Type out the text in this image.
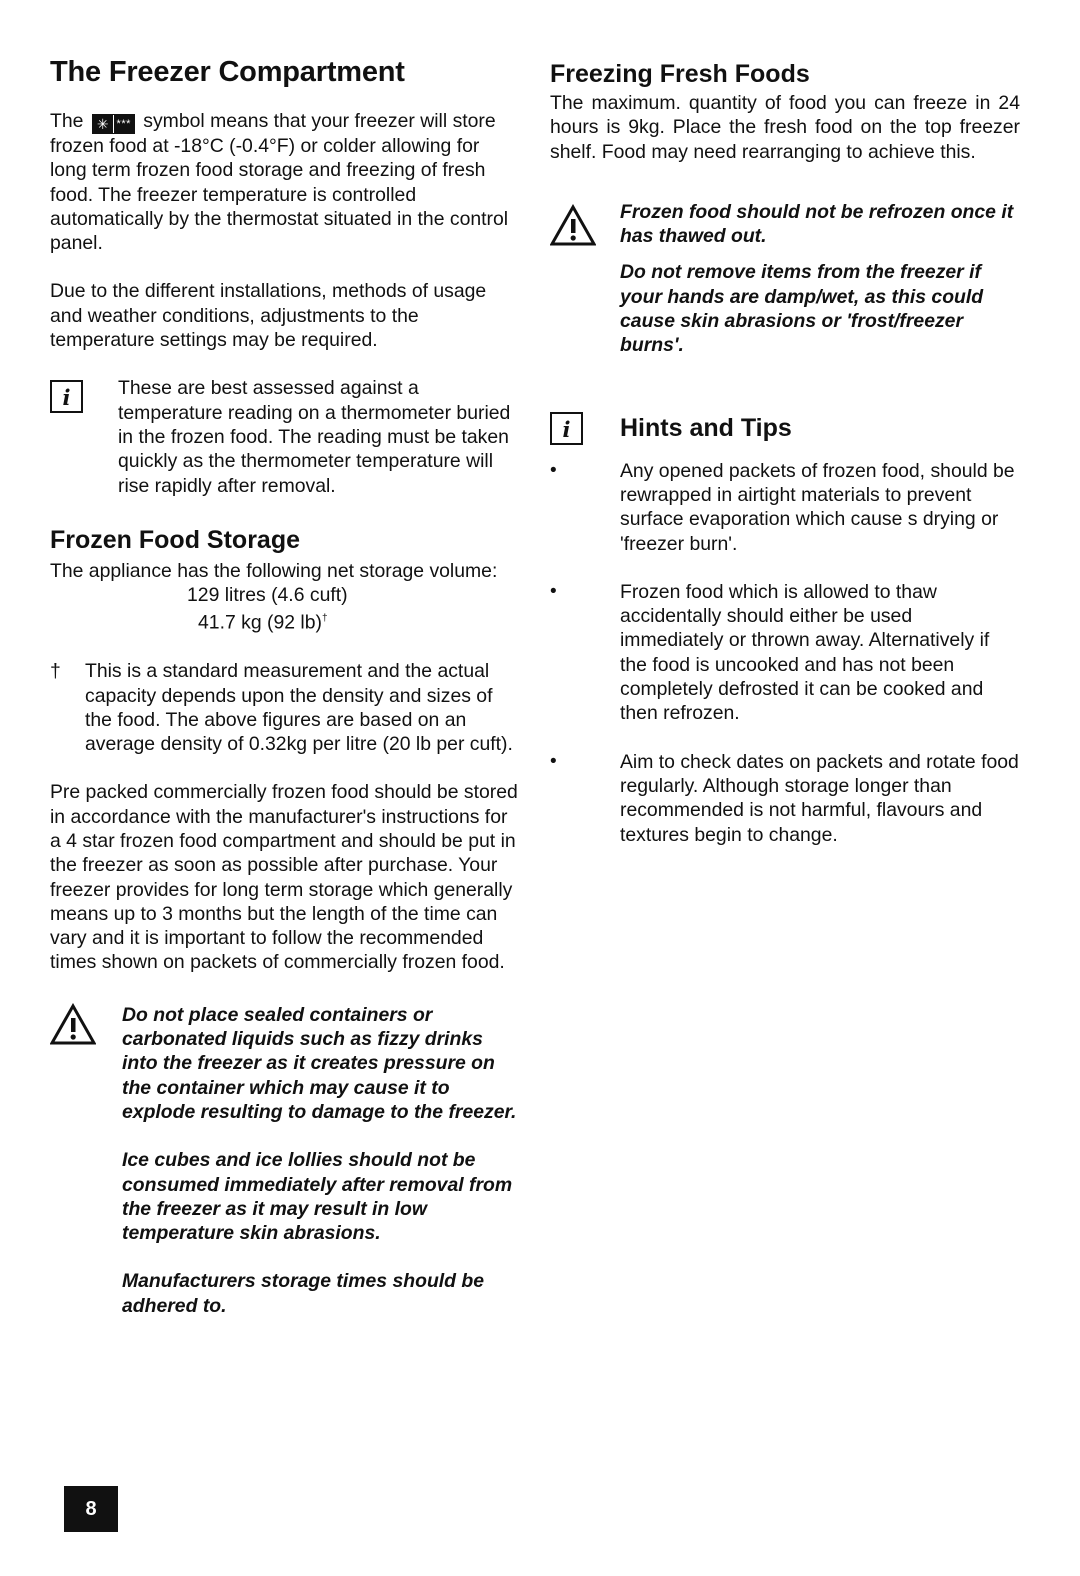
The Freezer Compartment

The ✳ *** symbol means that your freezer will store frozen food at -18°C (-0.4°F) or colder allowing for long term frozen food storage and freezing of fresh food. The freezer temperature is controlled automatically by the thermostat situated in the control panel.

Due to the different installations, methods of usage and weather conditions, adjustments to the temperature settings may be required.

i These are best assessed against a temperature reading on a thermometer buried in the frozen food. The reading must be taken quickly as the thermometer temperature will rise rapidly after removal.

Frozen Food Storage

The appliance has the following net storage volume:

129 litres (4.6 cuft)

41.7 kg (92 lb)†

†	This is a standard measurement and the actual capacity depends upon the density and sizes of the food. The above figures are based on an average density of 0.32kg per litre (20 lb per cuft).

Pre packed commercially frozen food should be stored in accordance with the manufacturer's instructions for a 4 star frozen food compartment and should be put in the freezer as soon as possible after purchase. Your freezer provides for long term storage which generally means up to 3 months but the length of the time can vary and it is important to follow the recommended times shown on packets of commercially frozen food.

Do not place sealed containers or carbonated liquids such as fizzy drinks into the freezer as it creates pressure on the container which may cause it to explode resulting to damage to the freezer.

Ice cubes and ice lollies should not be consumed immediately after removal from the freezer as it may result in low temperature skin abrasions.

Manufacturers storage times should be adhered to.

Freezing Fresh Foods

The maximum. quantity of food you can freeze in 24 hours is 9kg. Place the fresh food on the top freezer shelf. Food may need rearranging to achieve this.

Frozen food should not be refrozen once it has thawed out.

Do not remove items from the freezer if your hands are damp/wet, as this could cause skin abrasions or 'frost/freezer burns'.

i Hints and Tips
•	Any opened packets of frozen food, should be rewrapped in airtight materials to prevent surface evaporation which cause s drying or 'freezer burn'.

•	Frozen food which is allowed to thaw accidentally should either be used immediately or thrown away. Alternatively if the food is uncooked and has not been completely defrosted it can be cooked and then refrozen.

•	Aim to check dates on packets and rotate food regularly. Although storage longer than recommended is not harmful, flavours and textures begin to change.

8
